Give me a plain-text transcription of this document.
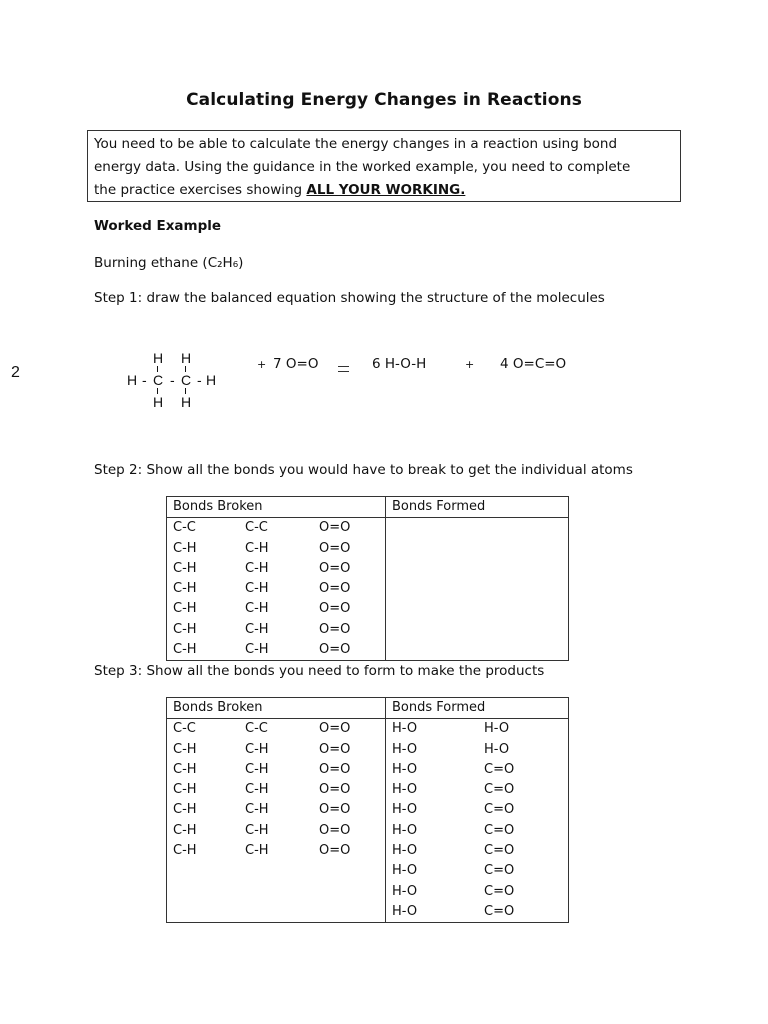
Calculating Energy Changes in Reactions
You need to be able to calculate the energy changes in a reaction using bond
energy data. Using the guidance in the worked example, you need to complete
the practice exercises showing ALL YOUR WORKING.
Worked Example
Burning ethane (C₂H₆)
Step 1: draw the balanced equation showing the structure of the molecules
2
H H
H - C - C - H
H H
+ 7 O=O	6 H-O-H	+ 4 O=C=O
Step 2: Show all the bonds you would have to break to get the individual atoms
Bonds Broken	Bonds Formed
C-C C-C O=O	
C-H C-H O=O	
C-H C-H O=O	
C-H C-H O=O	
C-H C-H O=O	
C-H C-H O=O	
C-H C-H O=O	
Step 3: Show all the bonds you need to form to make the products
Bonds Broken	Bonds Formed
C-C C-C O=O	H-O H-O
C-H C-H O=O	H-O H-O
C-H C-H O=O	H-O C=O
C-H C-H O=O	H-O C=O
C-H C-H O=O	H-O C=O
C-H C-H O=O	H-O C=O
C-H C-H O=O	H-O C=O
	H-O C=O
	H-O C=O
	H-O C=O
